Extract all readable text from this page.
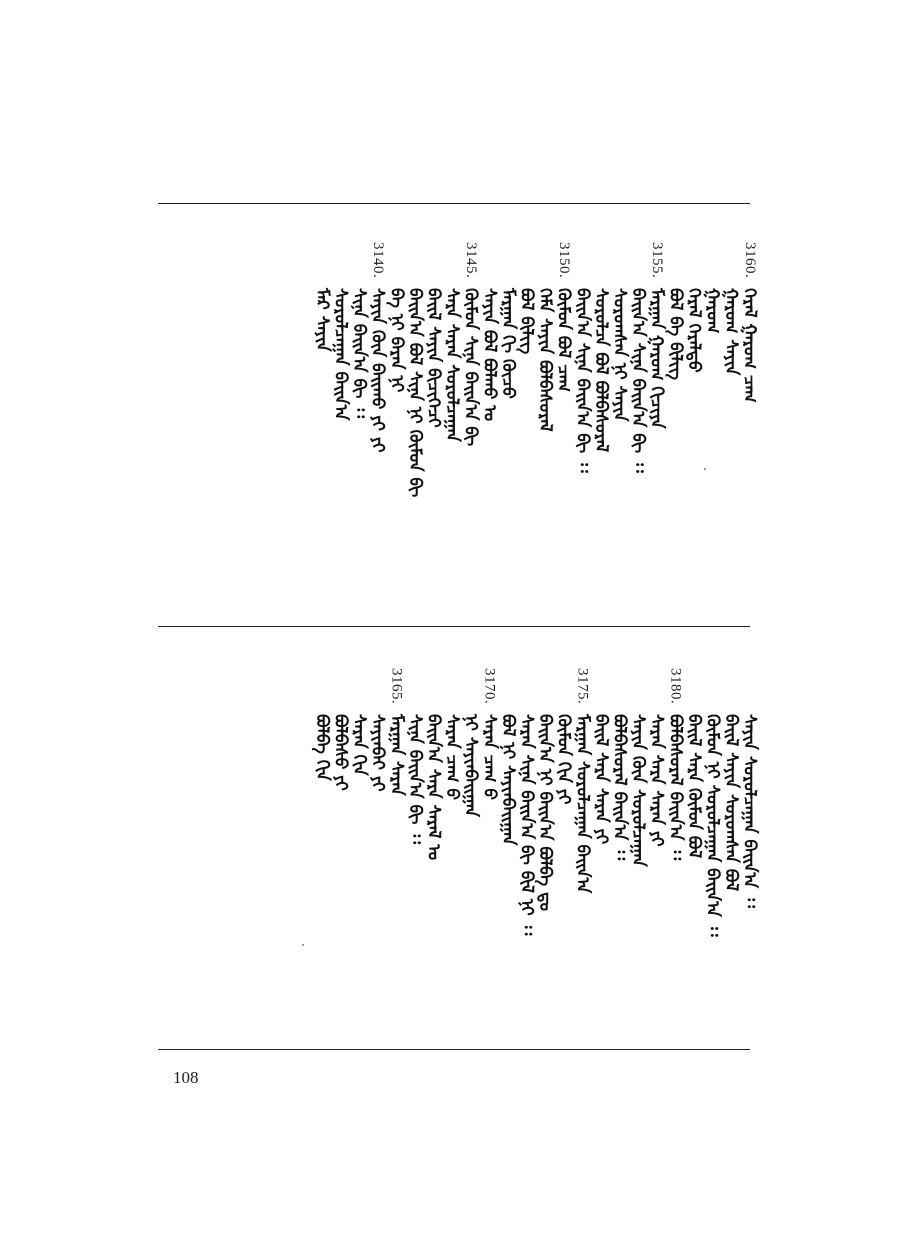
3160.
ᠭᠡᠷᠡᠯ ᠭᠠᠷᠤᠭ ᠴᠠᠭ
ᠭᠠᠷᠤᠭ ᠰᠠᠶᠢᠨ
ᠭᠠᠷᠤᠭ
ᠭᠡᠷᠡᠯ ᠭᠡᠷᠡᠯᠲᠦ
ᠪᠣᠯ ᠪᠡ ᠪᠢᠯᠢᠭ
3155.
ᠮᠠᠷᠭᠠᠨ ᠭᠠᠷᠤᠭ ᠬᠢᠴᠢᠶᠡ
ᠪᠠᠢᠨ᠎ᠠ ᠰᠢᠨᠡ ᠪᠠᠢᠨ᠎ᠠ ᠪᠢ ᠄᠄
ᠰᠤᠷᠤᠭᠰᠠᠨ ᠨᠢ ᠰᠠᠶᠢᠨ
ᠰᠤᠷᠤᠯᠴᠠ ᠪᠣᠯ ᠪᠣᠯᠪᠠᠰᠤᠷᠠᠯ
ᠪᠠᠢᠨ᠎ᠠ ᠰᠢᠨᠡ ᠪᠠᠢᠨ᠎ᠠ ᠪᠢ ᠄᠄
3150.
ᠬᠦᠮᠦᠨ ᠪᠣᠯ ᠴᠠᠭ
ᠬᠡᠮᠡ ᠰᠠᠶᠢᠨ ᠪᠣᠯᠪᠠᠰᠤᠷᠠᠯ
ᠪᠣᠯ ᠪᠢᠯᠢᠭ
ᠮᠠᠷᠭᠠᠨ ᠬᠢ ᠬᠦᠴᠦ
ᠰᠠᠶᠢᠨ ᠪᠣᠯ ᠪᠣᠯᠬᠤ ᠤ
3145.
ᠬᠦᠮᠦᠨ ᠰᠢᠨᠡ ᠪᠠᠢᠨ᠎ᠠ ᠪᠢ
ᠰᠠᠷᠠ ᠰᠠᠷᠠᠨ ᠰᠤᠷᠤᠯᠴᠠᠭᠠᠨ
ᠪᠠᠢᠯ ᠰᠠᠶᠢᠨ ᠪᠢᠴᠢᠭᠡᠴᠢ
ᠪᠠᠢᠨ᠎ᠠ ᠪᠣᠯ ᠰᠢᠨᠡ ᠨᠢ ᠬᠦᠮᠦᠨ ᠪᠢ
ᠪᠡ ᠨᠢ ᠪᠠᠷᠠᠨ ᠨᠢ
3140.
ᠰᠠᠶᠢᠨ ᠬᠦᠨ ᠪᠠᠢᠬᠤ ᠶᠢ ᠶᠢ
ᠰᠢᠨᠡ ᠪᠠᠢᠨ᠎ᠠ ᠪᠢ ᠄᠄
ᠰᠤᠷᠤᠯᠴᠠᠭᠠᠨ ᠪᠠᠢᠨ᠎ᠠ
ᠮᠠᠷ ᠰᠠᠶᠢᠨ
ᠰᠠᠶᠢᠨ ᠰᠤᠷᠤᠯᠴᠠᠭᠠᠨ ᠪᠠᠢᠨ᠎ᠠ ᠄᠄
ᠪᠠᠢᠯ ᠰᠠᠶᠢᠨ ᠰᠤᠷᠤᠭᠰᠠᠨ ᠪᠣᠯ
ᠬᠦᠮᠦᠨ ᠨᠢ ᠰᠤᠷᠤᠯᠴᠠᠭᠠᠨ ᠪᠠᠢᠨ᠎ᠠ ᠄᠄
ᠪᠠᠢᠯ ᠰᠠᠷᠠ ᠬᠦᠮᠦᠨ ᠪᠣᠯ
3180.
ᠪᠣᠯᠪᠠᠰᠤᠷᠠᠯ ᠪᠠᠢᠨ᠎ᠠ ᠄᠄
ᠰᠠᠷᠠᠨ ᠰᠠᠷᠠ ᠰᠠᠷᠠᠨ ᠶᠢ
ᠰᠠᠶᠢᠨ ᠬᠦᠨ ᠰᠤᠷᠤᠯᠴᠠᠭᠠᠨ
ᠪᠣᠯᠪᠠᠰᠤᠷᠠᠯ ᠪᠠᠢᠨ᠎ᠠ ᠄᠄
ᠪᠠᠢᠯ ᠰᠠᠷᠠ ᠰᠠᠷᠠᠨ ᠶᠢ
3175.
ᠮᠠᠷᠭᠠᠨ ᠰᠤᠷᠤᠯᠴᠠᠭᠠᠨ ᠪᠠᠢᠨ᠎ᠠ
ᠬᠦᠮᠦᠨ ᠬᠢᠨ ᠶᠢ
ᠪᠠᠢᠨ᠎ᠠ ᠨᠢ ᠪᠠᠢᠨ᠎ᠠ ᠪᠣᠯᠪᠠ ᠳᠤ
ᠰᠠᠷᠠᠨ ᠰᠢᠨᠡ ᠪᠠᠢᠨ᠎ᠠ ᠪᠢ ᠪᠢᠯ ᠨᠢ ᠄᠄
ᠪᠣᠯ ᠨᠢ ᠰᠠᠶᠢᠨᠪᠠᠢᠭᠠᠨ
3170.
ᠰᠠᠷᠠᠨ ᠴᠠᠭ ᠪ
ᠨᠢ ᠰᠠᠶᠢᠨᠪᠠᠢᠭᠠᠨ
ᠰᠠᠷᠠᠨ ᠴᠠᠭ ᠪ
ᠪᠠᠢᠨ᠎ᠠ ᠰᠠᠷᠠ ᠰᠠᠷᠠᠯ ᠤ
ᠰᠢᠨᠡ ᠪᠠᠢᠨ᠎ᠠ ᠪᠢ ᠄᠄
3165.
ᠮᠠᠷᠭᠠᠨ ᠰᠠᠷᠠᠨ
ᠰᠠᠶᠢᠨᠪᠠᠢ ᠶᠢ
ᠰᠠᠷᠠᠨ ᠬᠢᠨ
ᠪᠣᠯᠪᠠᠰᠤ ᠶᠢ
ᠪᠣᠯᠪᠠ ᠬᠢᠨ
108
